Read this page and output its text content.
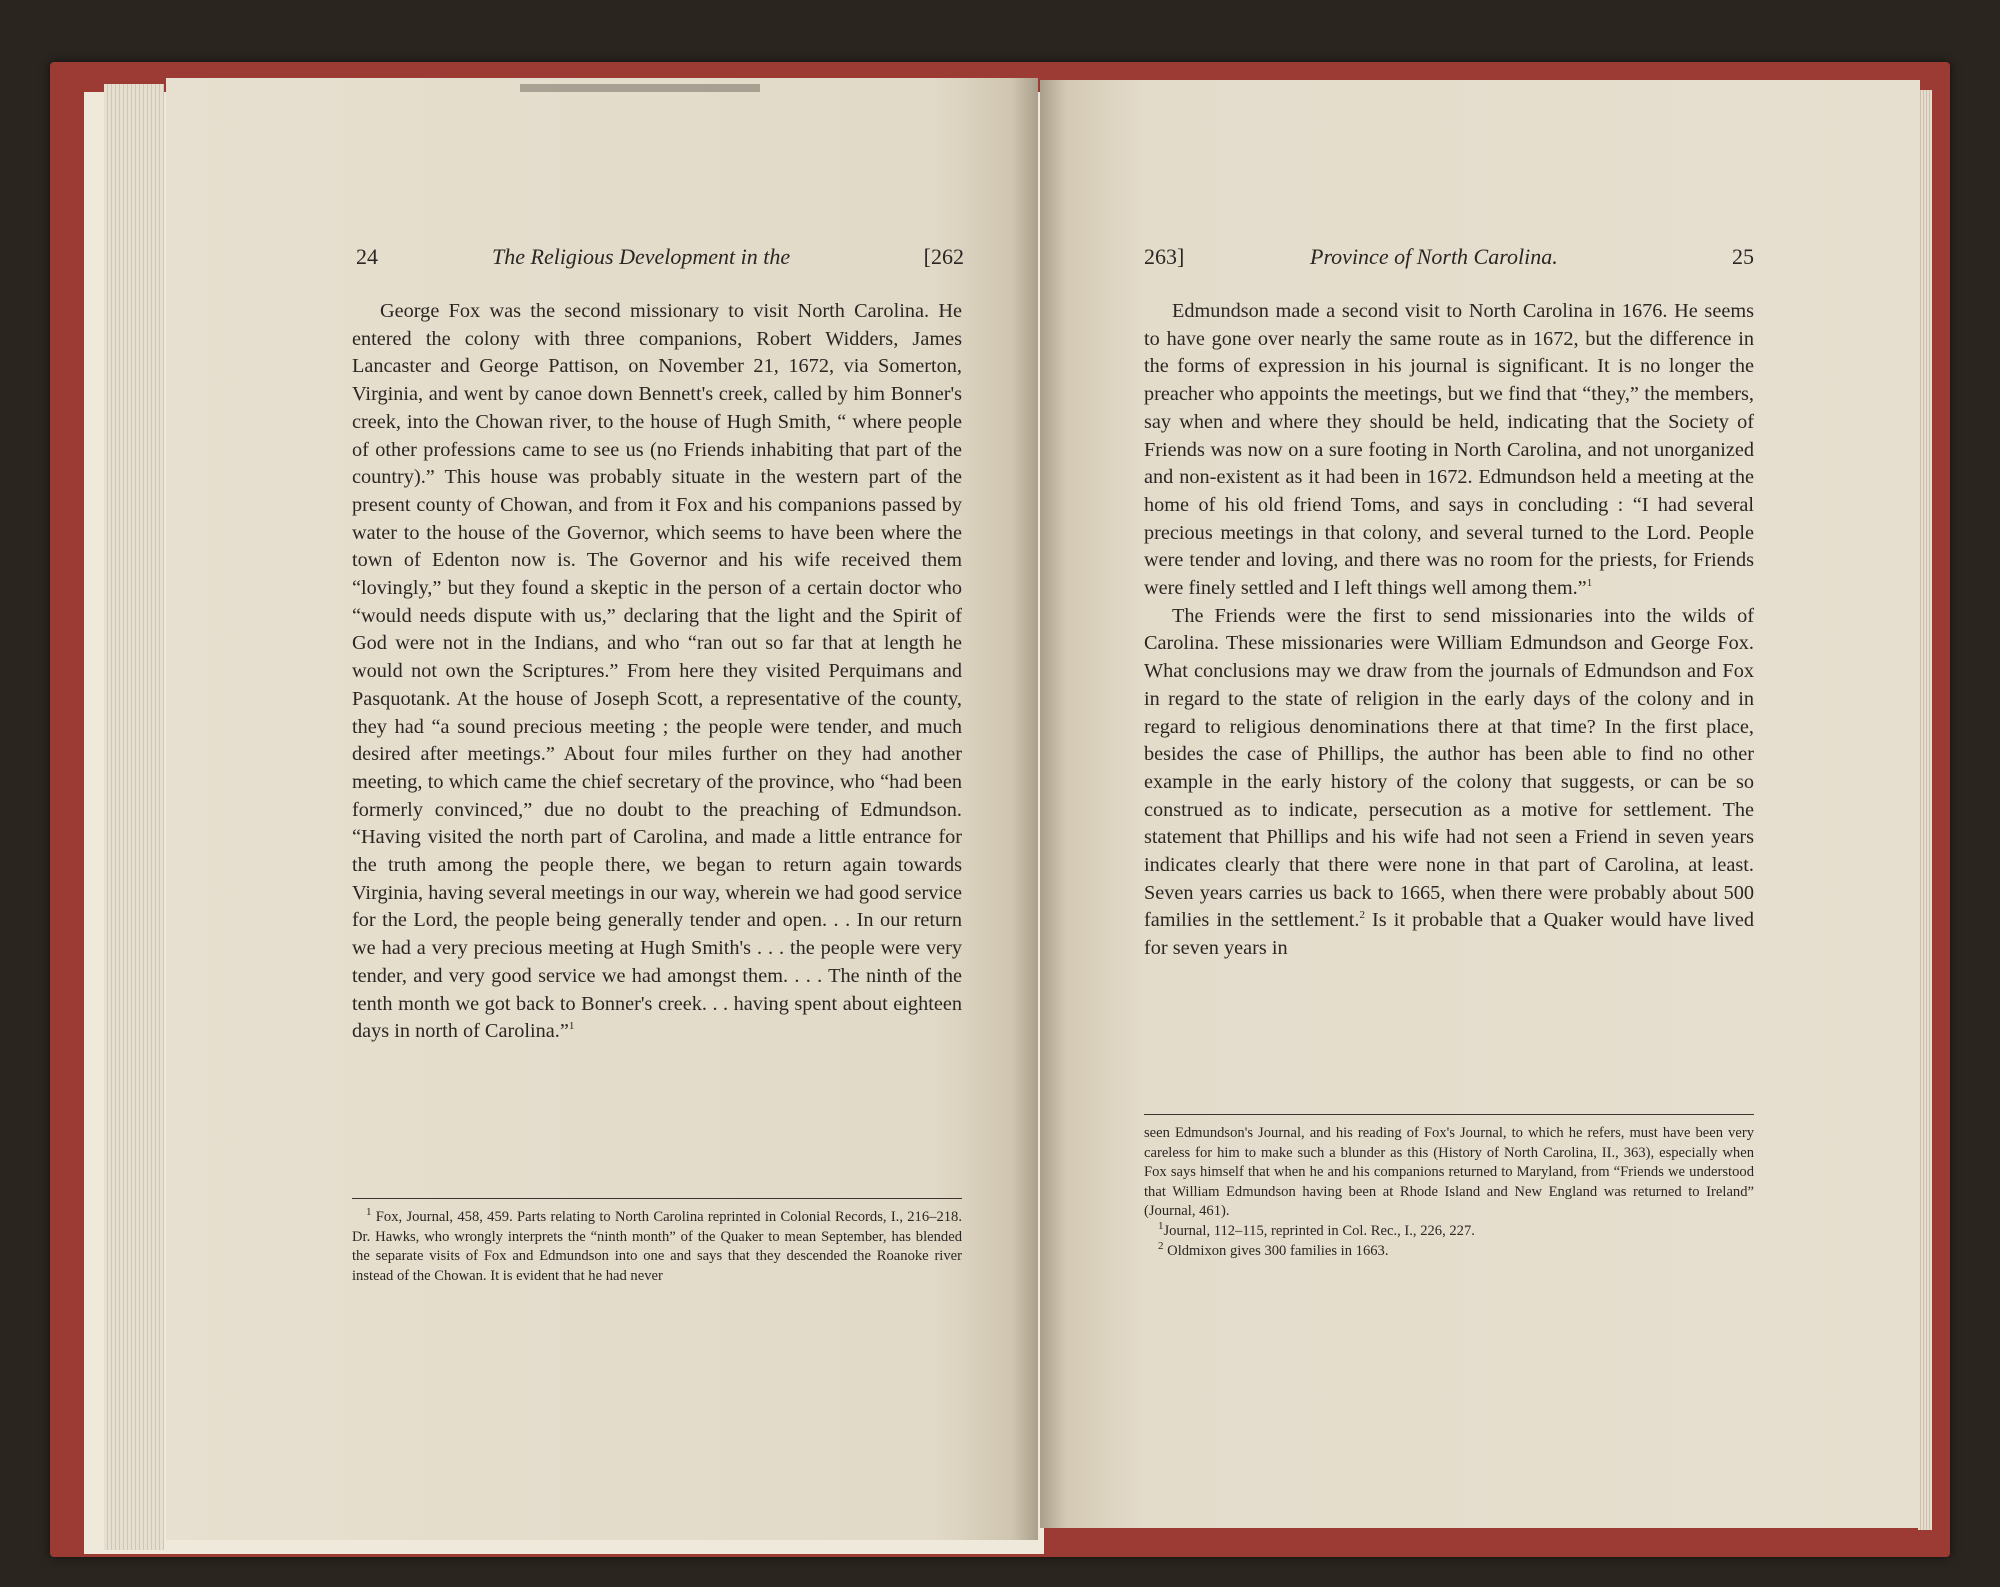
24	The Religious Development in the	[262

George Fox was the second missionary to visit North Carolina. He entered the colony with three companions, Robert Widders, James Lancaster and George Pattison, on November 21, 1672, via Somerton, Virginia, and went by canoe down Bennett's creek, called by him Bonner's creek, into the Chowan river, to the house of Hugh Smith, “ where people of other professions came to see us (no Friends inhabiting that part of the country).” This house was probably situate in the western part of the present county of Chowan, and from it Fox and his companions passed by water to the house of the Governor, which seems to have been where the town of Edenton now is. The Governor and his wife received them “lovingly,” but they found a skeptic in the person of a certain doctor who “would needs dispute with us,” declaring that the light and the Spirit of God were not in the Indians, and who “ran out so far that at length he would not own the Scriptures.” From here they visited Perquimans and Pasquotank. At the house of Joseph Scott, a representative of the county, they had “a sound precious meeting ; the people were tender, and much desired after meetings.” About four miles further on they had another meeting, to which came the chief secretary of the province, who “had been formerly convinced,” due no doubt to the preaching of Edmundson. “Having visited the north part of Carolina, and made a little entrance for the truth among the people there, we began to return again towards Virginia, having several meetings in our way, wherein we had good service for the Lord, the people being generally tender and open. . . In our return we had a very precious meeting at Hugh Smith's . . . the people were very tender, and very good service we had amongst them. . . . The ninth of the tenth month we got back to Bonner's creek. . . having spent about eighteen days in north of Carolina.”$^1$

$^1$ Fox, Journal, 458, 459. Parts relating to North Carolina reprinted in Colonial Records, I., 216–218. Dr. Hawks, who wrongly interprets the “ninth month” of the Quaker to mean September, has blended the separate visits of Fox and Edmundson into one and says that they descended the Roanoke river instead of the Chowan. It is evident that he had never

263]	Province of North Carolina.	25

Edmundson made a second visit to North Carolina in 1676. He seems to have gone over nearly the same route as in 1672, but the difference in the forms of expression in his journal is significant. It is no longer the preacher who appoints the meetings, but we find that “they,” the members, say when and where they should be held, indicating that the Society of Friends was now on a sure footing in North Carolina, and not unorganized and non-existent as it had been in 1672. Edmundson held a meeting at the home of his old friend Toms, and says in concluding : “I had several precious meetings in that colony, and several turned to the Lord. People were tender and loving, and there was no room for the priests, for Friends were finely settled and I left things well among them.”$^1$

The Friends were the first to send missionaries into the wilds of Carolina. These missionaries were William Edmundson and George Fox. What conclusions may we draw from the journals of Edmundson and Fox in regard to the state of religion in the early days of the colony and in regard to religious denominations there at that time? In the first place, besides the case of Phillips, the author has been able to find no other example in the early history of the colony that suggests, or can be so construed as to indicate, persecution as a motive for settlement. The statement that Phillips and his wife had not seen a Friend in seven years indicates clearly that there were none in that part of Carolina, at least. Seven years carries us back to 1665, when there were probably about 500 families in the settlement.$^2$ Is it probable that a Quaker would have lived for seven years in

seen Edmundson's Journal, and his reading of Fox's Journal, to which he refers, must have been very careless for him to make such a blunder as this (History of North Carolina, II., 363), especially when Fox says himself that when he and his companions returned to Maryland, from “Friends we understood that William Edmundson having been at Rhode Island and New England was returned to Ireland” (Journal, 461).

$^1$Journal, 112–115, reprinted in Col. Rec., I., 226, 227.

$^2$ Oldmixon gives 300 families in 1663.
